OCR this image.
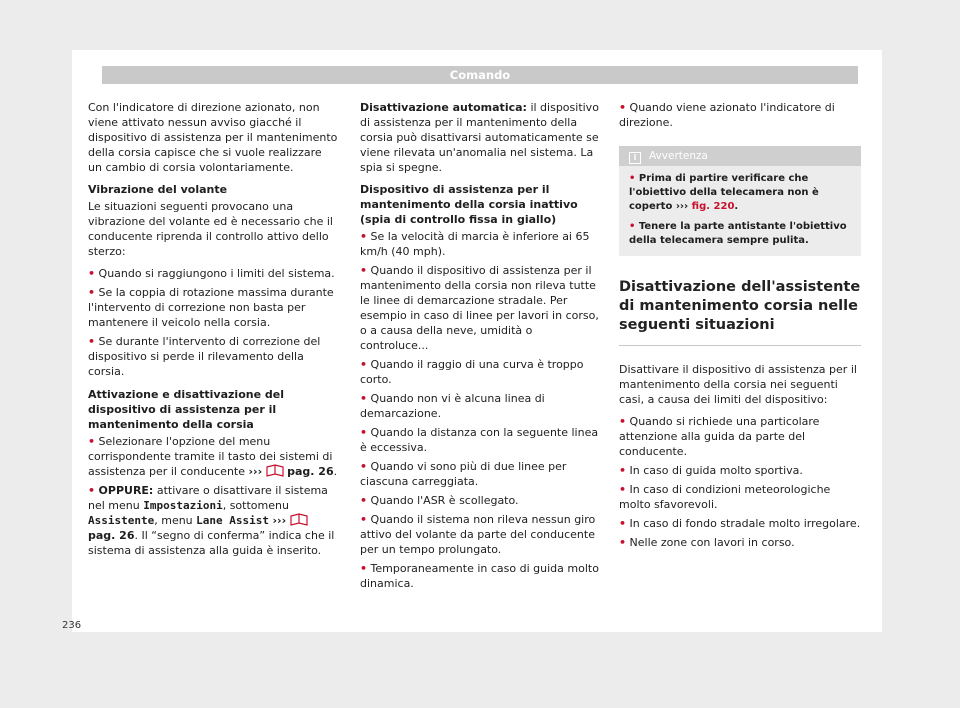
Comando

Con l'indicatore di direzione azionato, non viene attivato nessun avviso giacché il dispositivo di assistenza per il mantenimento della corsia capisce che si vuole realizzare un cambio di corsia volontariamente.

Vibrazione del volante

Le situazioni seguenti provocano una vibrazione del volante ed è necessario che il conducente riprenda il controllo attivo dello sterzo:

• Quando si raggiungono i limiti del sistema.

• Se la coppia di rotazione massima durante l'intervento di correzione non basta per mantenere il veicolo nella corsia.

• Se durante l'intervento di correzione del dispositivo si perde il rilevamento della corsia.

Attivazione e disattivazione del dispositivo di assistenza per il mantenimento della corsia

• Selezionare l'opzione del menu corrispondente tramite il tasto dei sistemi di assistenza per il conducente ››› pag. 26.

• OPPURE: attivare o disattivare il sistema nel menu Impostazioni, sottomenu Assistente, menu Lane Assist ›››  pag. 26. Il “segno di conferma” indica che il sistema di assistenza alla guida è inserito.

Disattivazione automatica: il dispositivo di assistenza per il mantenimento della corsia può disattivarsi automaticamente se viene rilevata un'anomalia nel sistema. La spia si spegne.

Dispositivo di assistenza per il mantenimento della corsia inattivo (spia di controllo fissa in giallo)

• Se la velocità di marcia è inferiore ai 65 km/h (40 mph).

• Quando il dispositivo di assistenza per il mantenimento della corsia non rileva tutte le linee di demarcazione stradale. Per esempio in caso di linee per lavori in corso, o a causa della neve, umidità o controluce...

• Quando il raggio di una curva è troppo corto.

• Quando non vi è alcuna linea di demarcazione.

• Quando la distanza con la seguente linea è eccessiva.

• Quando vi sono più di due linee per ciascuna carreggiata.

• Quando l'ASR è scollegato.

• Quando il sistema non rileva nessun giro attivo del volante da parte del conducente per un tempo prolungato.

• Temporaneamente in caso di guida molto dinamica.

• Quando viene azionato l'indicatore di direzione.

i Avvertenza
• Prima di partire verificare che l'obiettivo della telecamera non è coperto ››› fig. 220.
• Tenere la parte antistante l'obiettivo della telecamera sempre pulita.
Disattivazione dell'assistente di mantenimento corsia nelle seguenti situazioni

Disattivare il dispositivo di assistenza per il mantenimento della corsia nei seguenti casi, a causa dei limiti del dispositivo:

• Quando si richiede una particolare attenzione alla guida da parte del conducente.

• In caso di guida molto sportiva.

• In caso di condizioni meteorologiche molto sfavorevoli.

• In caso di fondo stradale molto irregolare.

• Nelle zone con lavori in corso.

236
